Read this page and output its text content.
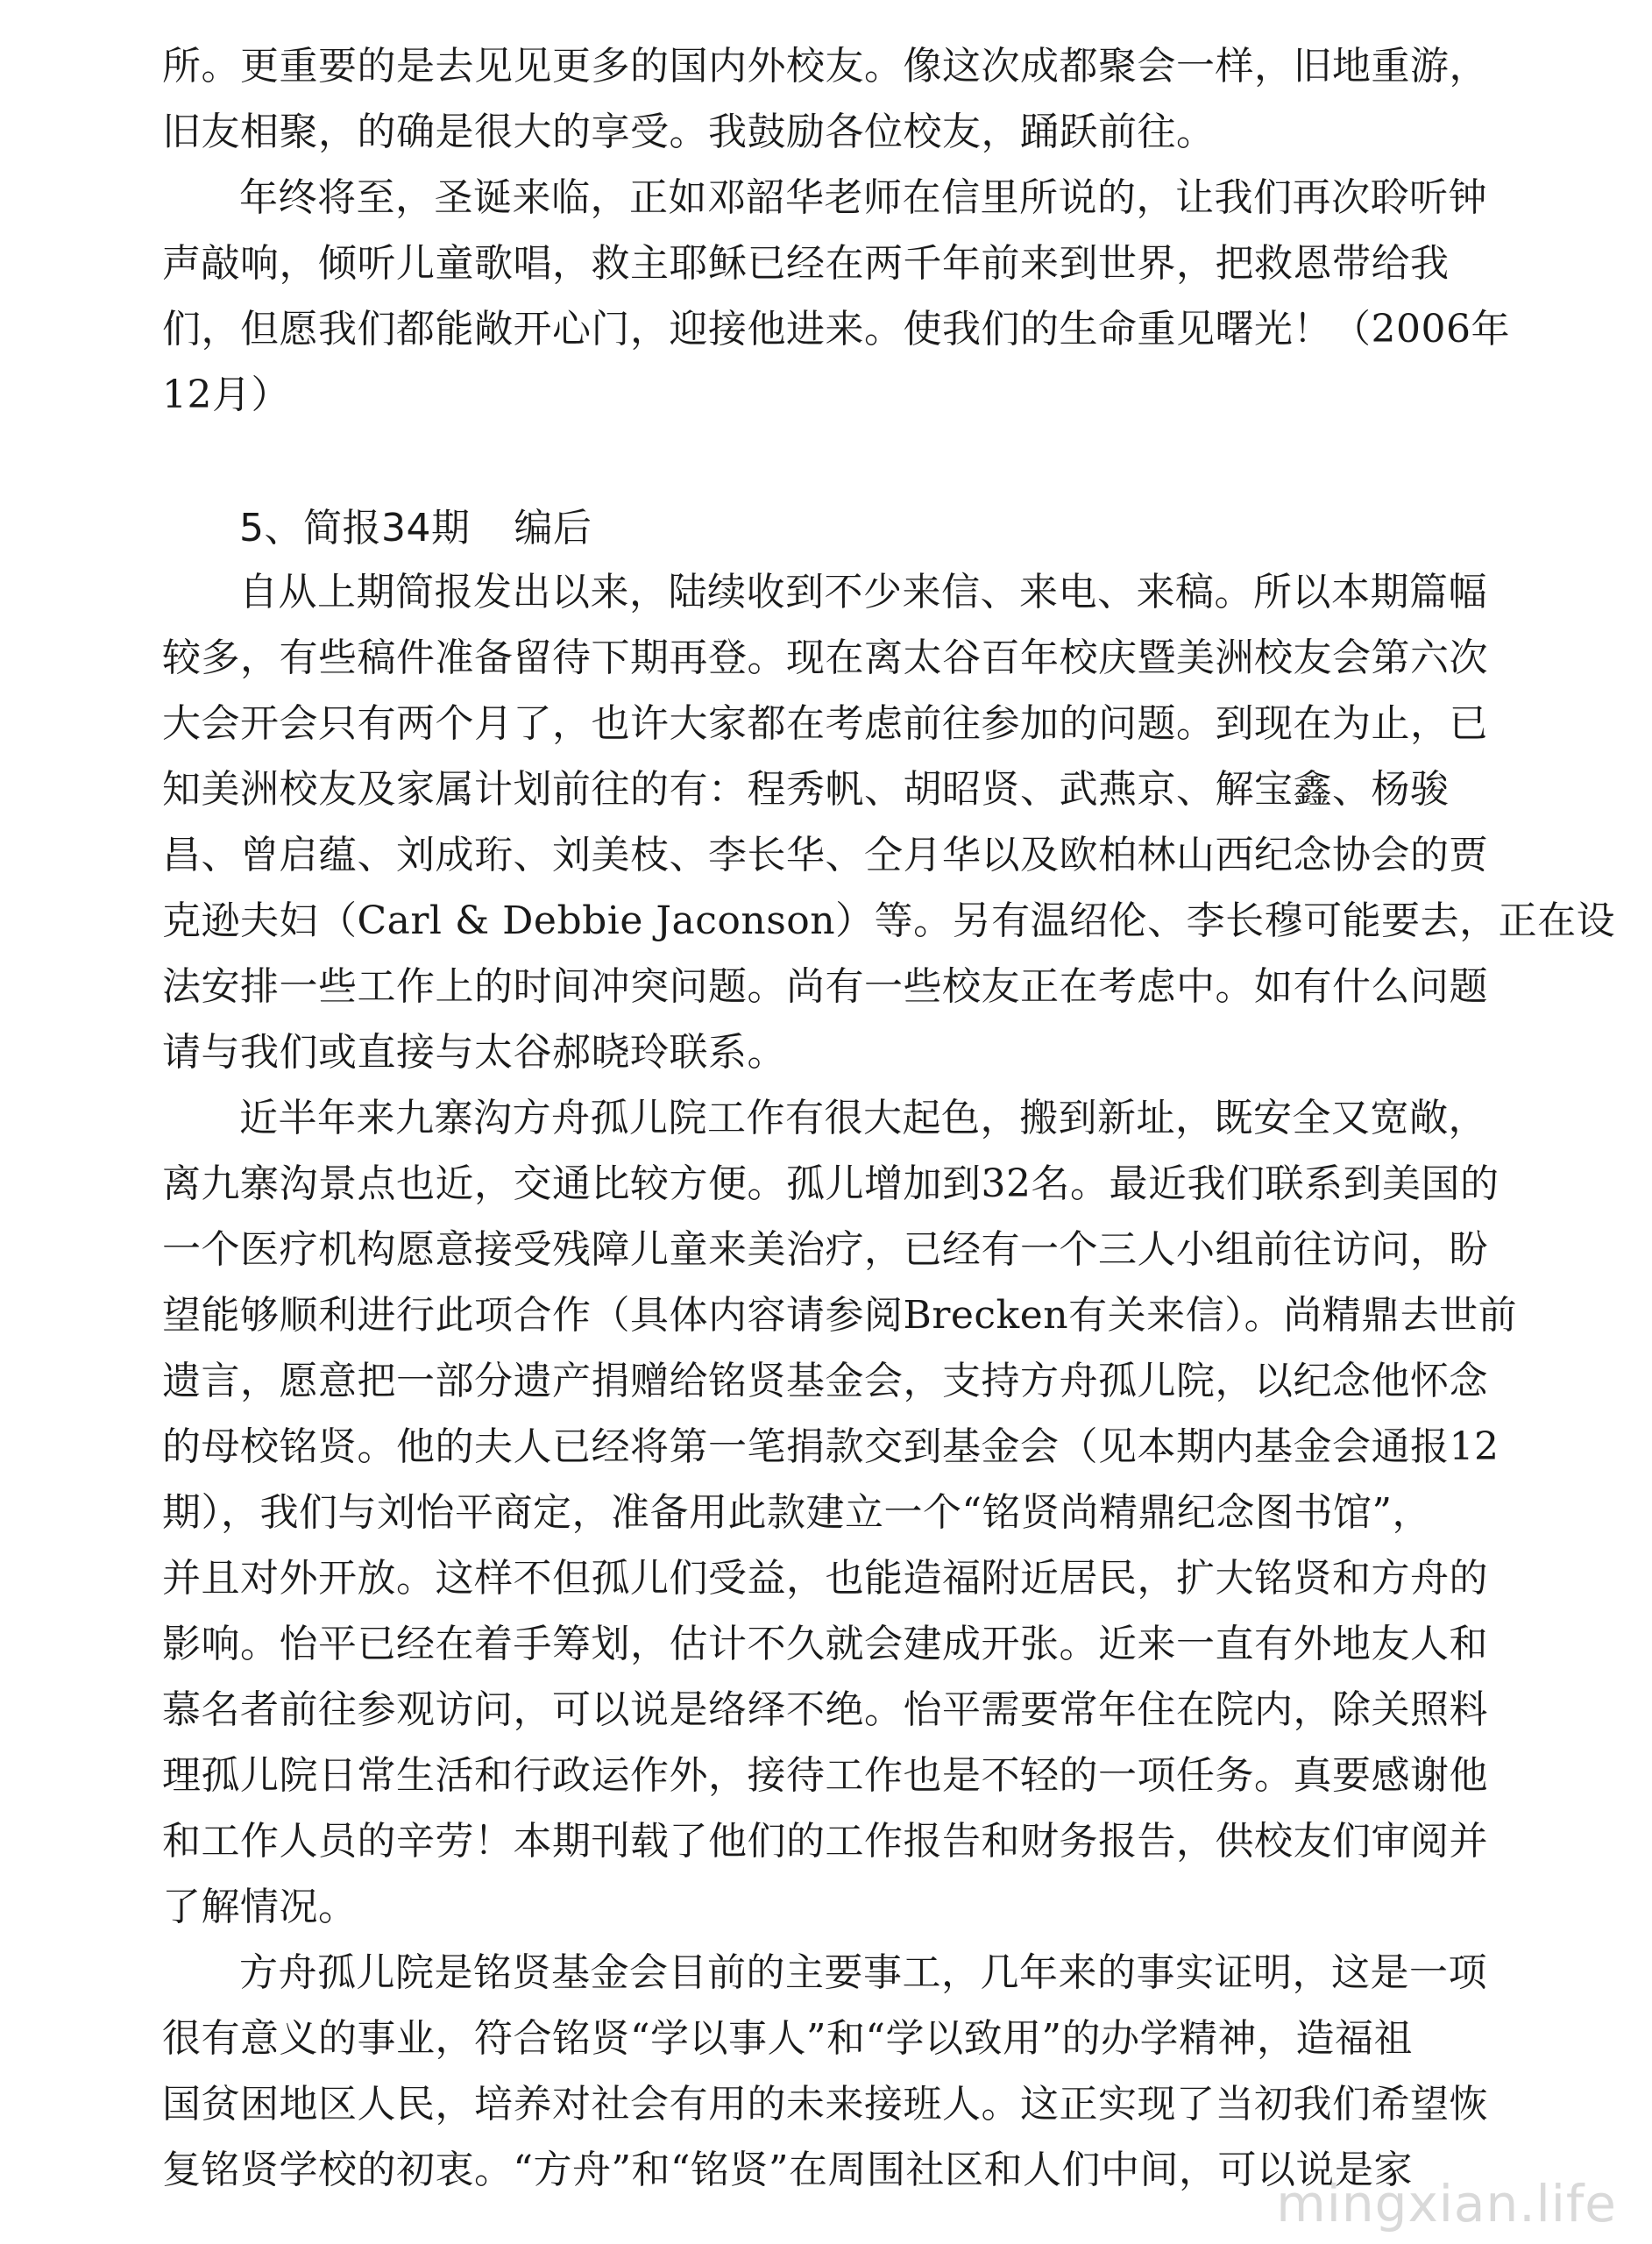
所。更重要的是去见见更多的国内外校友。像这次成都聚会一样，旧地重游，
旧友相聚，的确是很大的享受。我鼓励各位校友，踊跃前往。
年终将至，圣诞来临，正如邓韶华老师在信里所说的，让我们再次聆听钟
声敲响，倾听儿童歌唱，救主耶稣已经在两千年前来到世界，把救恩带给我
们，但愿我们都能敞开心门，迎接他进来。使我们的生命重见曙光！（2006年
12月）
5、简报34期 编后
自从上期简报发出以来，陆续收到不少来信、来电、来稿。所以本期篇幅
较多，有些稿件准备留待下期再登。现在离太谷百年校庆暨美洲校友会第六次
大会开会只有两个月了，也许大家都在考虑前往参加的问题。到现在为止，已
知美洲校友及家属计划前往的有：程秀帆、胡昭贤、武燕京、解宝鑫、杨骏
昌、曾启蕴、刘成珩、刘美枝、李长华、仝月华以及欧柏林山西纪念协会的贾
克逊夫妇（Carl & Debbie Jaconson）等。另有温绍伦、李长穆可能要去，正在设
法安排一些工作上的时间冲突问题。尚有一些校友正在考虑中。如有什么问题
请与我们或直接与太谷郝晓玲联系。
近半年来九寨沟方舟孤儿院工作有很大起色，搬到新址，既安全又宽敞，
离九寨沟景点也近，交通比较方便。孤儿增加到32名。最近我们联系到美国的
一个医疗机构愿意接受残障儿童来美治疗，已经有一个三人小组前往访问，盼
望能够顺利进行此项合作（具体内容请参阅Brecken有关来信）。尚精鼎去世前
遗言，愿意把一部分遗产捐赠给铭贤基金会，支持方舟孤儿院，以纪念他怀念
的母校铭贤。他的夫人已经将第一笔捐款交到基金会（见本期内基金会通报12
期），我们与刘怡平商定，准备用此款建立一个“铭贤尚精鼎纪念图书馆”，
并且对外开放。这样不但孤儿们受益，也能造福附近居民，扩大铭贤和方舟的
影响。怡平已经在着手筹划，估计不久就会建成开张。近来一直有外地友人和
慕名者前往参观访问，可以说是络绎不绝。怡平需要常年住在院内，除关照料
理孤儿院日常生活和行政运作外，接待工作也是不轻的一项任务。真要感谢他
和工作人员的辛劳！本期刊载了他们的工作报告和财务报告，供校友们审阅并
了解情况。
方舟孤儿院是铭贤基金会目前的主要事工，几年来的事实证明，这是一项
很有意义的事业，符合铭贤“学以事人”和“学以致用”的办学精神，造福祖
国贫困地区人民，培养对社会有用的未来接班人。这正实现了当初我们希望恢
复铭贤学校的初衷。“方舟”和“铭贤”在周围社区和人们中间，可以说是家
mingxian.life
